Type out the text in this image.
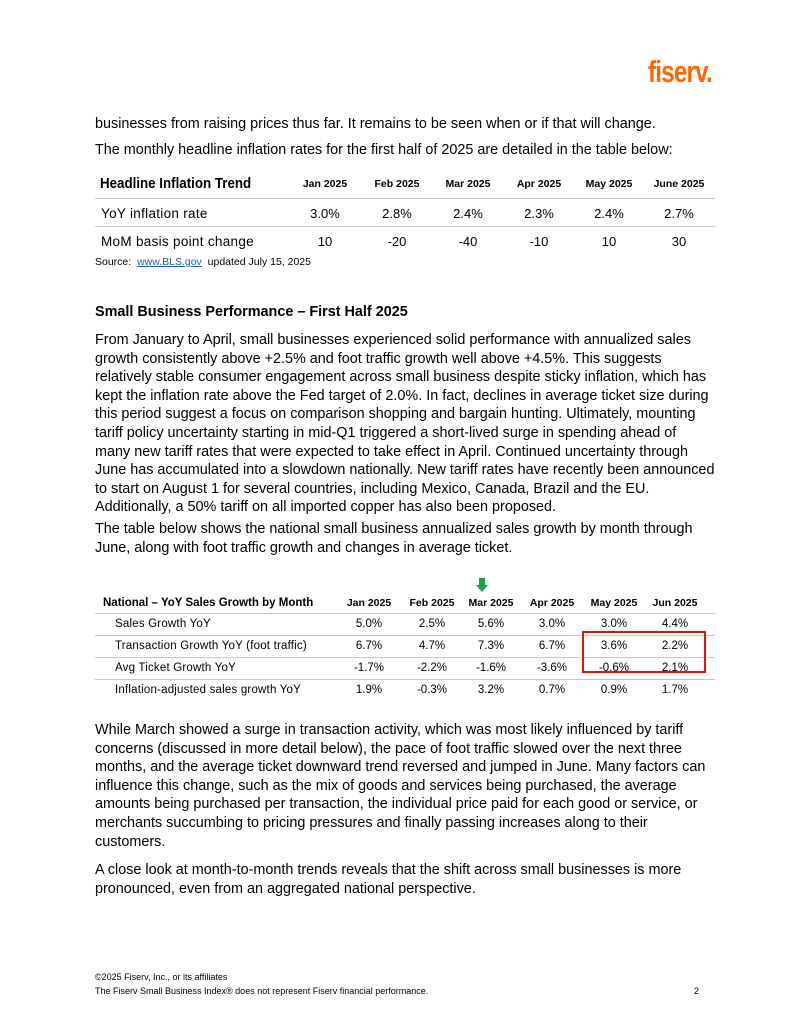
fiserv.

businesses from raising prices thus far. It remains to be seen when or if that will change.

The monthly headline inflation rates for the first half of 2025 are detailed in the table below:

Headline Inflation Trend	Jan 2025	Feb 2025	Mar 2025	Apr 2025	May 2025	June 2025
YoY inflation rate	3.0%	2.8%	2.4%	2.3%	2.4%	2.7%
MoM basis point change	10	-20	-40	-10	10	30
Source: www.BLS.gov updated July 15, 2025
Small Business Performance – First Half 2025

From January to April, small businesses experienced solid performance with annualized sales growth consistently above +2.5% and foot traffic growth well above +4.5%. This suggests relatively stable consumer engagement across small business despite sticky inflation, which has kept the inflation rate above the Fed target of 2.0%. In fact, declines in average ticket size during this period suggest a focus on comparison shopping and bargain hunting. Ultimately, mounting tariff policy uncertainty starting in mid-Q1 triggered a short-lived surge in spending ahead of many new tariff rates that were expected to take effect in April. Continued uncertainty through June has accumulated into a slowdown nationally. New tariff rates have recently been announced to start on August 1 for several countries, including Mexico, Canada, Brazil and the EU. Additionally, a 50% tariff on all imported copper has also been proposed.

The table below shows the national small business annualized sales growth by month through June, along with foot traffic growth and changes in average ticket.

National – YoY Sales Growth by Month	Jan 2025	Feb 2025	Mar 2025	Apr 2025	May 2025	Jun 2025
Sales Growth YoY	5.0%	2.5%	5.6%	3.0%	3.0%	4.4%
Transaction Growth YoY (foot traffic)	6.7%	4.7%	7.3%	6.7%	3.6%	2.2%
Avg Ticket Growth YoY	-1.7%	-2.2%	-1.6%	-3.6%	-0.6%	2.1%
Inflation-adjusted sales growth YoY	1.9%	-0.3%	3.2%	0.7%	0.9%	1.7%

While March showed a surge in transaction activity, which was most likely influenced by tariff concerns (discussed in more detail below), the pace of foot traffic slowed over the next three months, and the average ticket downward trend reversed and jumped in June. Many factors can influence this change, such as the mix of goods and services being purchased, the average amounts being purchased per transaction, the individual price paid for each good or service, or merchants succumbing to pricing pressures and finally passing increases along to their customers.

A close look at month-to-month trends reveals that the shift across small businesses is more pronounced, even from an aggregated national perspective.

©2025 Fiserv, Inc., or its affiliates
The Fiserv Small Business Index® does not represent Fiserv financial performance.	2
